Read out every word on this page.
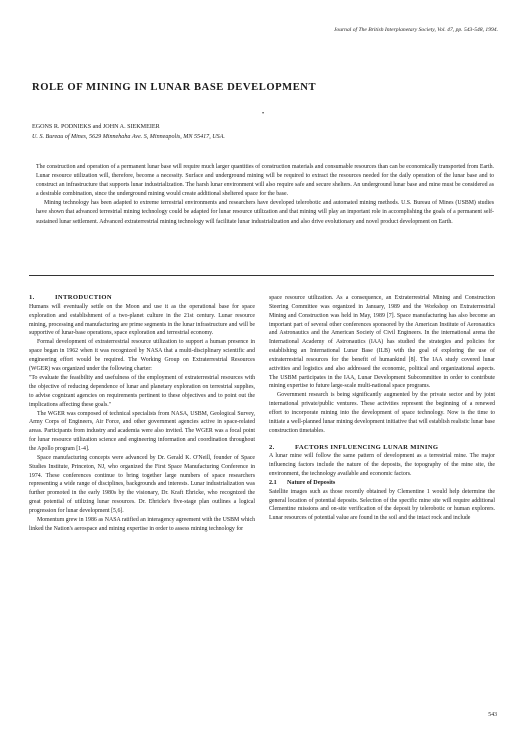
Journal of The British Interplanetary Society, Vol. 47, pp. 543-548, 1994.
ROLE OF MINING IN LUNAR BASE DEVELOPMENT
•
EGONS R. PODNIEKS and JOHN A. SIEKMEIER
U. S. Bureau of Mines, 5629 Minnehaha Ave. S, Minneapolis, MN 55417, USA.

The construction and operation of a permanent lunar base will require much larger quantities of construction materials and consumable resources than can be economically transported from Earth. Lunar resource utilization will, therefore, become a necessity. Surface and underground mining will be required to extract the resources needed for the daily operation of the lunar base and to construct an infrastructure that supports lunar industrialization. The harsh lunar environment will also require safe and secure shelters. An underground lunar base and mine must be considered as a desirable combination, since the underground mining would create additional sheltered space for the base.

Mining technology has been adapted to extreme terrestrial environments and researchers have developed telerobotic and automated mining methods. U.S. Bureau of Mines (USBM) studies have shown that advanced terrestrial mining technology could be adapted for lunar resource utilization and that mining will play an important role in accomplishing the goals of a permanent self-sustained lunar settlement. Advanced extraterrestrial mining technology will facilitate lunar industrialization and also drive evolutionary and novel product development on Earth.

1.	INTRODUCTION

Humans will eventually settle on the Moon and use it as the operational base for space exploration and establishment of a two-planet culture in the 21st century. Lunar resource mining, processing and manufacturing are prime segments in the lunar infrastructure and will be supportive of lunar-base operations, space exploration and terrestrial economy.

Formal development of extraterrestrial resource utilization to support a human presence in space began in 1962 when it was recognized by NASA that a multi-disciplinary scientific and engineering effort would be required. The Working Group on Extraterrestrial Resources (WGER) was organized under the following charter:

"To evaluate the feasibility and usefulness of the employment of extraterrestrial resources with the objective of reducing dependence of lunar and planetary exploration on terrestrial supplies, to advise cognizant agencies on requirements pertinent to these objectives and to point out the implications affecting these goals."

The WGER was composed of technical specialists from NASA, USBM, Geological Survey, Army Corps of Engineers, Air Force, and other government agencies active in space-related areas. Participants from industry and academia were also invited. The WGER was a focal point for lunar resource utilization science and engineering information and coordination throughout the Apollo program [1-4].

Space manufacturing concepts were advanced by Dr. Gerald K. O'Neill, founder of Space Studies Institute, Princeton, NJ, who organized the First Space Manufacturing Conference in 1974. These conferences continue to bring together large numbers of space researchers representing a wide range of disciplines, backgrounds and interests. Lunar industrialization was further promoted in the early 1980s by the visionary, Dr. Kraft Ehricke, who recognized the great potential of utilizing lunar resources. Dr. Ehricke's five-stage plan outlines a logical progression for lunar development [5,6].

Momentum grew in 1986 as NASA ratified an interagency agreement with the USBM which linked the Nation's aerospace and mining expertise in order to assess mining technology for

space resource utilization. As a consequence, an Extraterrestrial Mining and Construction Steering Committee was organized in January, 1989 and the Workshop on Extraterrestrial Mining and Construction was held in May, 1989 [7]. Space manufacturing has also become an important part of several other conferences sponsored by the American Institute of Aeronautics and Astronautics and the American Society of Civil Engineers. In the international arena the International Academy of Astronautics (IAA) has studied the strategies and policies for establishing an International Lunar Base (ILB) with the goal of exploring the use of extraterrestrial resources for the benefit of humankind [8]. The IAA study covered lunar activities and logistics and also addressed the economic, political and organizational aspects. The USBM participates in the IAA, Lunar Development Subcommittee in order to contribute mining expertise to future large-scale multi-national space programs.

Government research is being significantly augmented by the private sector and by joint international private/public ventures. These activities represent the beginning of a renewed effort to incorporate mining into the development of space technology. Now is the time to initiate a well-planned lunar mining development initiative that will establish realistic lunar base construction timetables.

2.	FACTORS INFLUENCING LUNAR MINING

A lunar mine will follow the same pattern of development as a terrestrial mine. The major influencing factors include the nature of the deposits, the topography of the mine site, the environment, the technology available and economic factors.

2.1 Nature of Deposits

Satellite images such as those recently obtained by Clementine 1 would help determine the general location of potential deposits. Selection of the specific mine site will require additional Clementine missions and on-site verification of the deposit by telerobotic or human explorers. Lunar resources of potential value are found in the soil and the intact rock and include

543
